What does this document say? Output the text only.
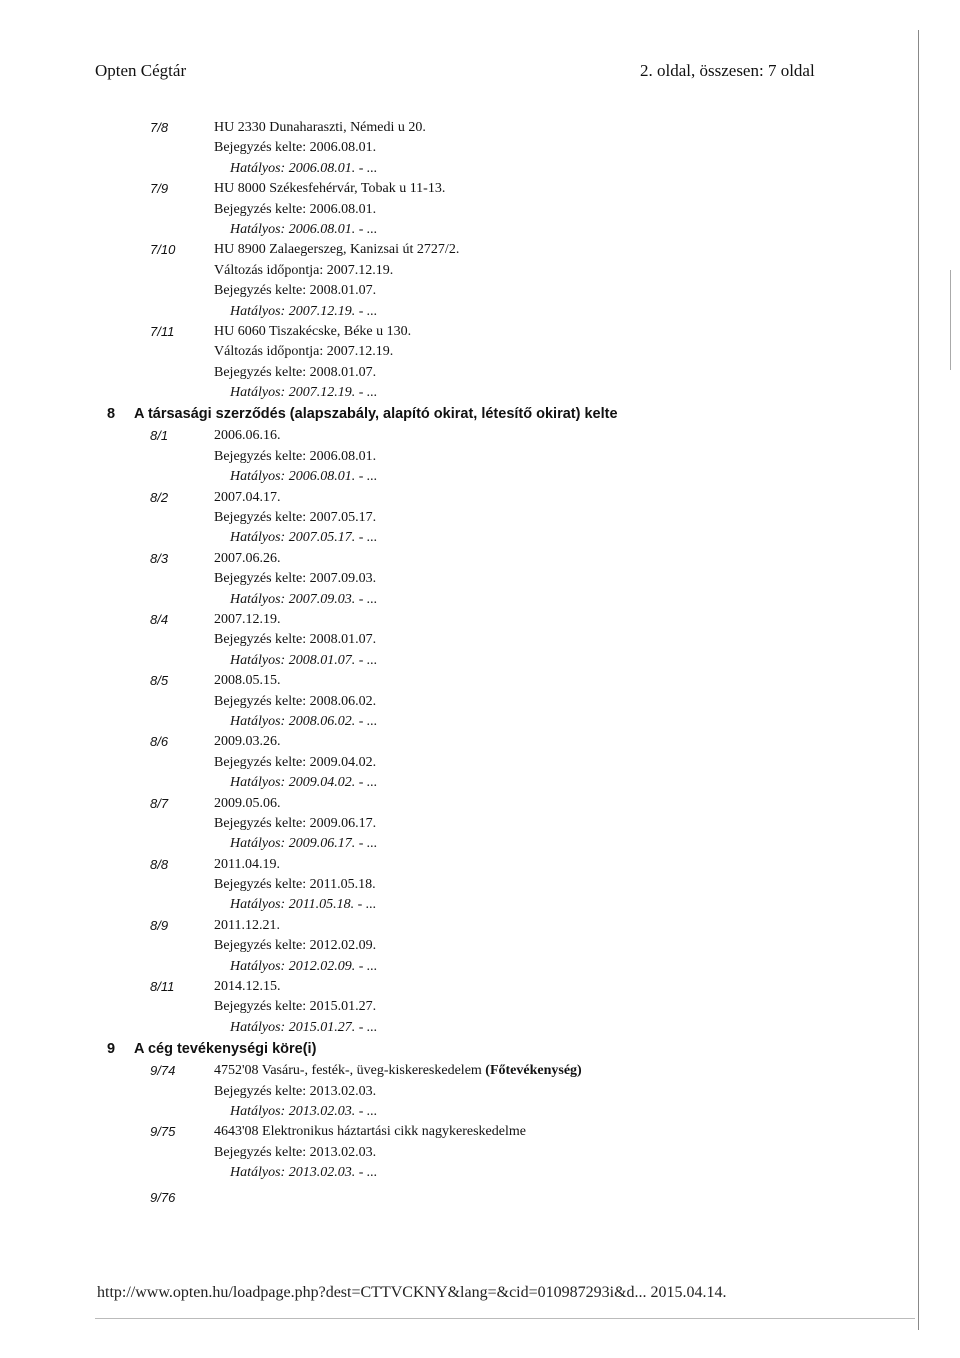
Opten Cégtár	2. oldal, összesen: 7 oldal
7/8	HU 2330 Dunaharaszti, Némedi u 20.
Bejegyzés kelte: 2006.08.01.
Hatályos: 2006.08.01. - ...
7/9	HU 8000 Székesfehérvár, Tobak u 11-13.
Bejegyzés kelte: 2006.08.01.
Hatályos: 2006.08.01. - ...
7/10	HU 8900 Zalaegerszeg, Kanizsai út 2727/2.
Változás időpontja: 2007.12.19.
Bejegyzés kelte: 2008.01.07.
Hatályos: 2007.12.19. - ...
7/11	HU 6060 Tiszakécske, Béke u 130.
Változás időpontja: 2007.12.19.
Bejegyzés kelte: 2008.01.07.
Hatályos: 2007.12.19. - ...
8 A társasági szerződés (alapszabály, alapító okirat, létesítő okirat) kelte
8/1	2006.06.16.
Bejegyzés kelte: 2006.08.01.
Hatályos: 2006.08.01. - ...
8/2	2007.04.17.
Bejegyzés kelte: 2007.05.17.
Hatályos: 2007.05.17. - ...
8/3	2007.06.26.
Bejegyzés kelte: 2007.09.03.
Hatályos: 2007.09.03. - ...
8/4	2007.12.19.
Bejegyzés kelte: 2008.01.07.
Hatályos: 2008.01.07. - ...
8/5	2008.05.15.
Bejegyzés kelte: 2008.06.02.
Hatályos: 2008.06.02. - ...
8/6	2009.03.26.
Bejegyzés kelte: 2009.04.02.
Hatályos: 2009.04.02. - ...
8/7	2009.05.06.
Bejegyzés kelte: 2009.06.17.
Hatályos: 2009.06.17. - ...
8/8	2011.04.19.
Bejegyzés kelte: 2011.05.18.
Hatályos: 2011.05.18. - ...
8/9	2011.12.21.
Bejegyzés kelte: 2012.02.09.
Hatályos: 2012.02.09. - ...
8/11	2014.12.15.
Bejegyzés kelte: 2015.01.27.
Hatályos: 2015.01.27. - ...
9 A cég tevékenységi köre(i)
9/74	4752'08 Vasáru-, festék-, üveg-kiskereskedelem (Főtevékenység)
Bejegyzés kelte: 2013.02.03.
Hatályos: 2013.02.03. - ...
9/75	4643'08 Elektronikus háztartási cikk nagykereskedelme
Bejegyzés kelte: 2013.02.03.
Hatályos: 2013.02.03. - ...
9/76
http://www.opten.hu/loadpage.php?dest=CTTVCKNY&lang=&cid=010987293i&d... 2015.04.14.
